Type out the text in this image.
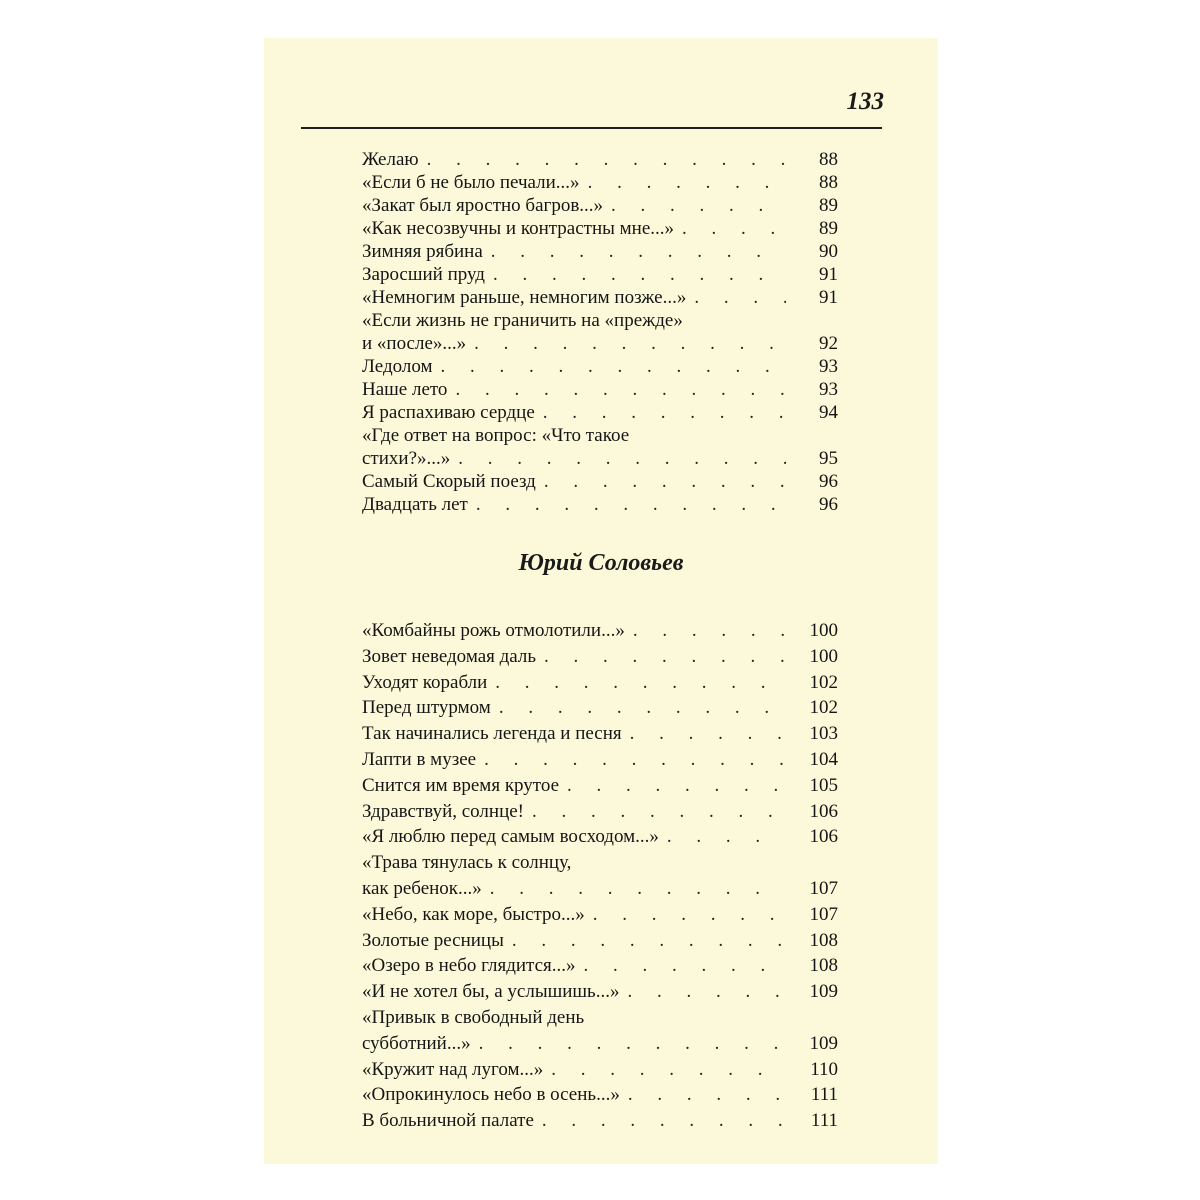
133
Желаю . . .	88
«Если б не было печали...» . . .	88
«Закат был яростно багров...» . . .	89
«Как несозвучны и контрастны мне...» . . .	89
Зимняя рябина . . .	90
Заросший пруд . . .	91
«Немногим раньше, немногим позже...» . . .	91
«Если жизнь не граничить на «прежде»
и «после»...» . . .	92
Ледолом . . .	93
Наше лето . . .	93
Я распахиваю сердце . . .	94
«Где ответ на вопрос: «Что такое
стихи?»...» . . .	95
Самый Скорый поезд . . .	96
Двадцать лет . . .	96
Юрий Соловьев
«Комбайны рожь отмолотили...» . . .	100
Зовет неведомая даль . . .	100
Уходят корабли . . .	102
Перед штурмом . . .	102
Так начинались легенда и песня . . .	103
Лапти в музее . . .	104
Снится им время крутое . . .	105
Здравствуй, солнце! . . .	106
«Я люблю перед самым восходом...» . . .	106
«Трава тянулась к солнцу,
как ребенок...» . . .	107
«Небо, как море, быстро...» . . .	107
Золотые ресницы . . .	108
«Озеро в небо глядится...» . . .	108
«И не хотел бы, а услышишь...» . . .	109
«Привык в свободный день
субботний...» . . .	109
«Кружит над лугом...» . . .	110
«Опрокинулось небо в осень...» . . .	111
В больничной палате . . .	111
